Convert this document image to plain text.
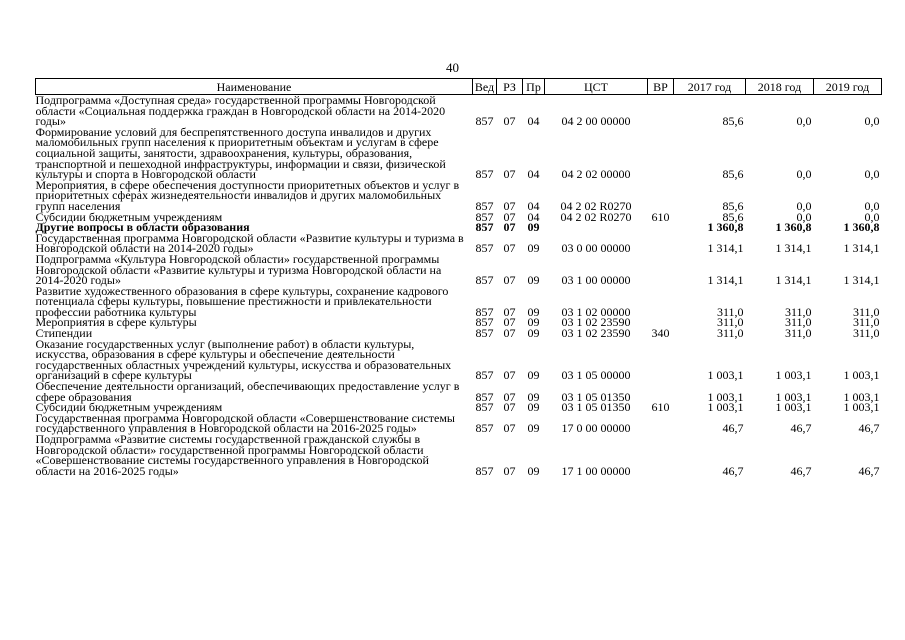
40
Наименование	Вед	РЗ	Пр	ЦСТ	ВР	2017 год	2018 год	2019 год
Подпрограмма «Доступная среда» государственной программы Новгородской области «Социальная поддержка граждан в Новгородской области на 2014-2020 годы»	857	07	04	04 2 00 00000		85,6	0,0	0,0
Формирование условий для беспрепятственного доступа инвалидов и других маломобильных групп населения к приоритетным объектам и услугам в сфере социальной защиты, занятости, здравоохранения, культуры, образования, транспортной и пешеходной инфраструктуры, информации и связи, физической культуры и спорта в Новгородской области	857	07	04	04 2 02 00000		85,6	0,0	0,0
Мероприятия, в сфере обеспечения доступности приоритетных объектов и услуг в приоритетных сферах жизнедеятельности инвалидов и других маломобильных групп населения	857	07	04	04 2 02 R0270		85,6	0,0	0,0
Субсидии бюджетным учреждениям	857	07	04	04 2 02 R0270	610	85,6	0,0	0,0
Другие вопросы в области образования	857	07	09			1 360,8	1 360,8	1 360,8
Государственная программа Новгородской области «Развитие культуры и туризма в Новгородской области на 2014-2020 годы»	857	07	09	03 0 00 00000		1 314,1	1 314,1	1 314,1
Подпрограмма «Культура Новгородской области» государственной программы Новгородской области «Развитие культуры и туризма Новгородской области на 2014-2020 годы»	857	07	09	03 1 00 00000		1 314,1	1 314,1	1 314,1
Развитие художественного образования в сфере культуры, сохранение кадрового потенциала сферы культуры, повышение престижности и привлекательности профессии работника культуры	857	07	09	03 1 02 00000		311,0	311,0	311,0
Мероприятия в сфере культуры	857	07	09	03 1 02 23590		311,0	311,0	311,0
Стипендии	857	07	09	03 1 02 23590	340	311,0	311,0	311,0
Оказание государственных услуг (выполнение работ) в области культуры, искусства, образования в сфере культуры и обеспечение деятельности государственных областных учреждений культуры, искусства и образовательных организаций в сфере культуры	857	07	09	03 1 05 00000		1 003,1	1 003,1	1 003,1
Обеспечение деятельности организаций, обеспечивающих предоставление услуг в сфере образования	857	07	09	03 1 05 01350		1 003,1	1 003,1	1 003,1
Субсидии бюджетным учреждениям	857	07	09	03 1 05 01350	610	1 003,1	1 003,1	1 003,1
Государственная программа Новгородской области «Совершенствование системы государственного управления в Новгородской области на 2016-2025 годы»	857	07	09	17 0 00 00000		46,7	46,7	46,7
Подпрограмма «Развитие системы государственной гражданской службы в Новгородской области» государственной программы Новгородской области «Совершенствование системы государственного управления в Новгородской области на 2016-2025 годы»	857	07	09	17 1 00 00000		46,7	46,7	46,7
